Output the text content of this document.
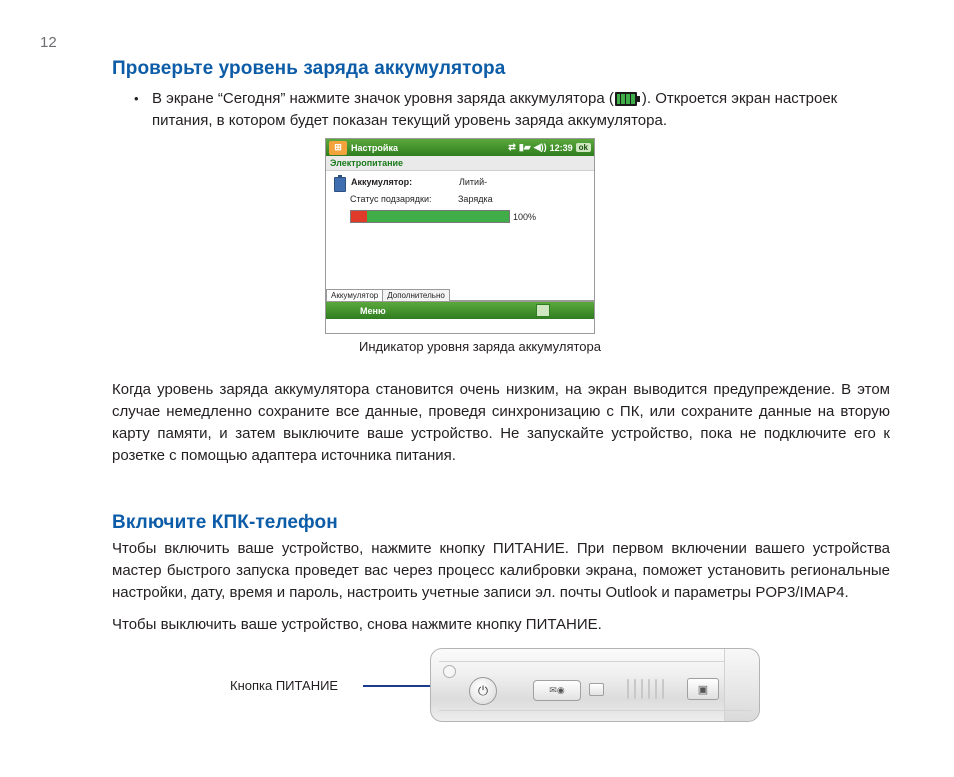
12
Проверьте уровень заряда аккумулятора
• В экране “Сегодня” нажмите значок уровня заряда аккумулятора ( ). Откроется экран настроек питания, в котором будет показан текущий уровень заряда аккумулятора.
⊞	Настройка	⇄ ▮▰ ◀)) 12:39 ok
Электропитание
Аккумулятор:	Литий-
Статус подзарядки:	Зарядка
100%
Аккумулятор	Дополнительно
Меню
Индикатор уровня заряда аккумулятора

Когда уровень заряда аккумулятора становится очень низким, на экран выводится предупреждение. В этом случае немедленно сохраните все данные, проведя синхронизацию с ПК, или сохраните данные на вторую карту памяти, и затем выключите ваше устройство. Не запускайте устройство, пока не подключите его к розетке с помощью адаптера источника питания.

Включите КПК-телефон

Чтобы включить ваше устройство, нажмите кнопку ПИТАНИЕ. При первом включении вашего устройства мастер быстрого запуска проведет вас через процесс калибровки экрана, поможет установить региональные настройки, дату, время и пароль, настроить учетные записи эл. почты Outlook и параметры POP3/IMAP4.

Чтобы выключить ваше устройство, снова нажмите кнопку ПИТАНИЕ.

Кнопка ПИТАНИЕ	⏻	✉◉	▣
